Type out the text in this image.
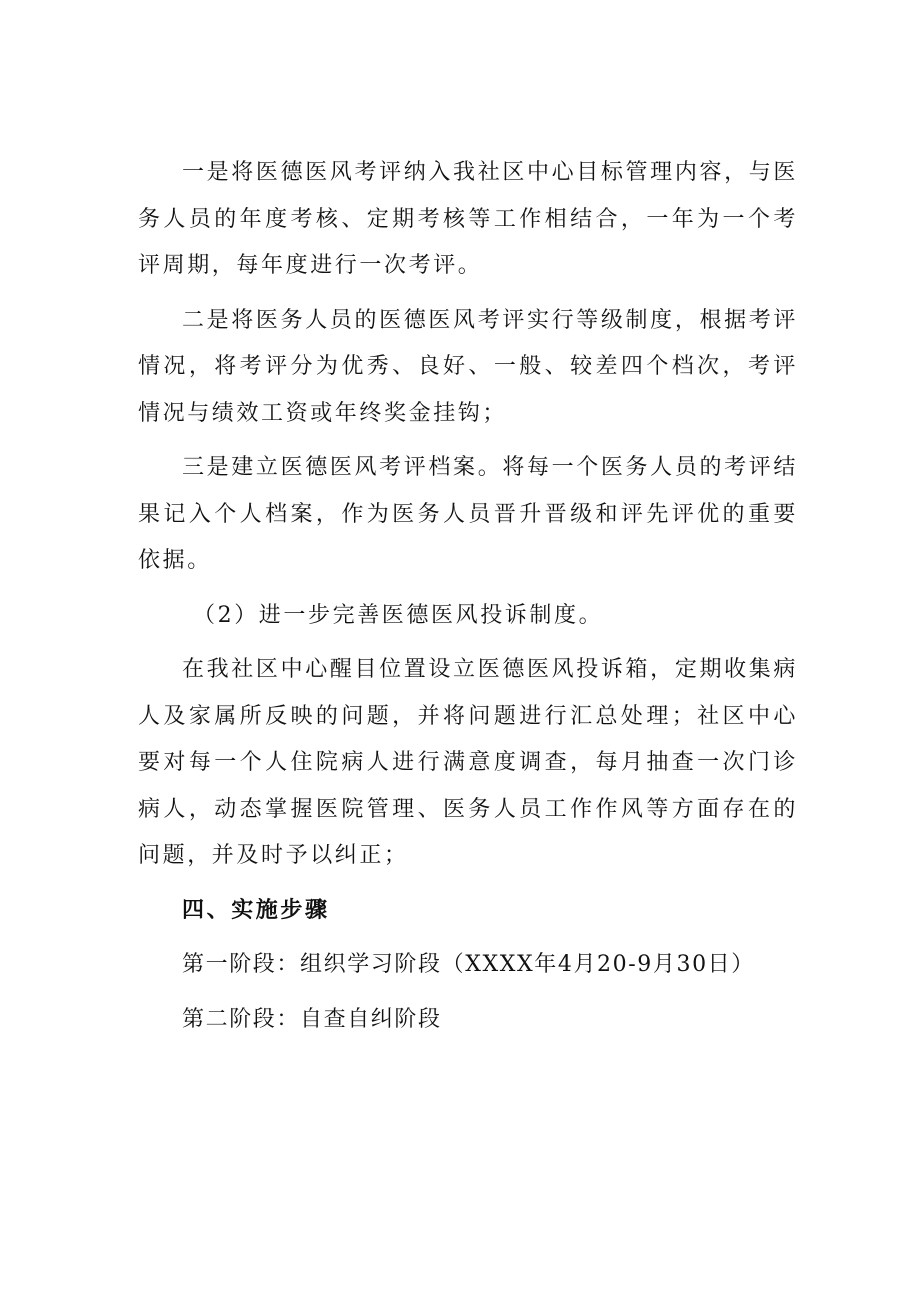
一是将医德医风考评纳入我社区中心目标管理内容，与医务人员的年度考核、定期考核等工作相结合，一年为一个考评周期，每年度进行一次考评。

二是将医务人员的医德医风考评实行等级制度，根据考评情况，将考评分为优秀、良好、一般、较差四个档次，考评情况与绩效工资或年终奖金挂钩；

三是建立医德医风考评档案。将每一个医务人员的考评结果记入个人档案，作为医务人员晋升晋级和评先评优的重要依据。

（2）进一步完善医德医风投诉制度。

在我社区中心醒目位置设立医德医风投诉箱，定期收集病人及家属所反映的问题，并将问题进行汇总处理；社区中心要对每一个人住院病人进行满意度调查，每月抽查一次门诊病人，动态掌握医院管理、医务人员工作作风等方面存在的问题，并及时予以纠正；

四、实施步骤

第一阶段：组织学习阶段（XXXX年4月20-9月30日）

第二阶段：自查自纠阶段
